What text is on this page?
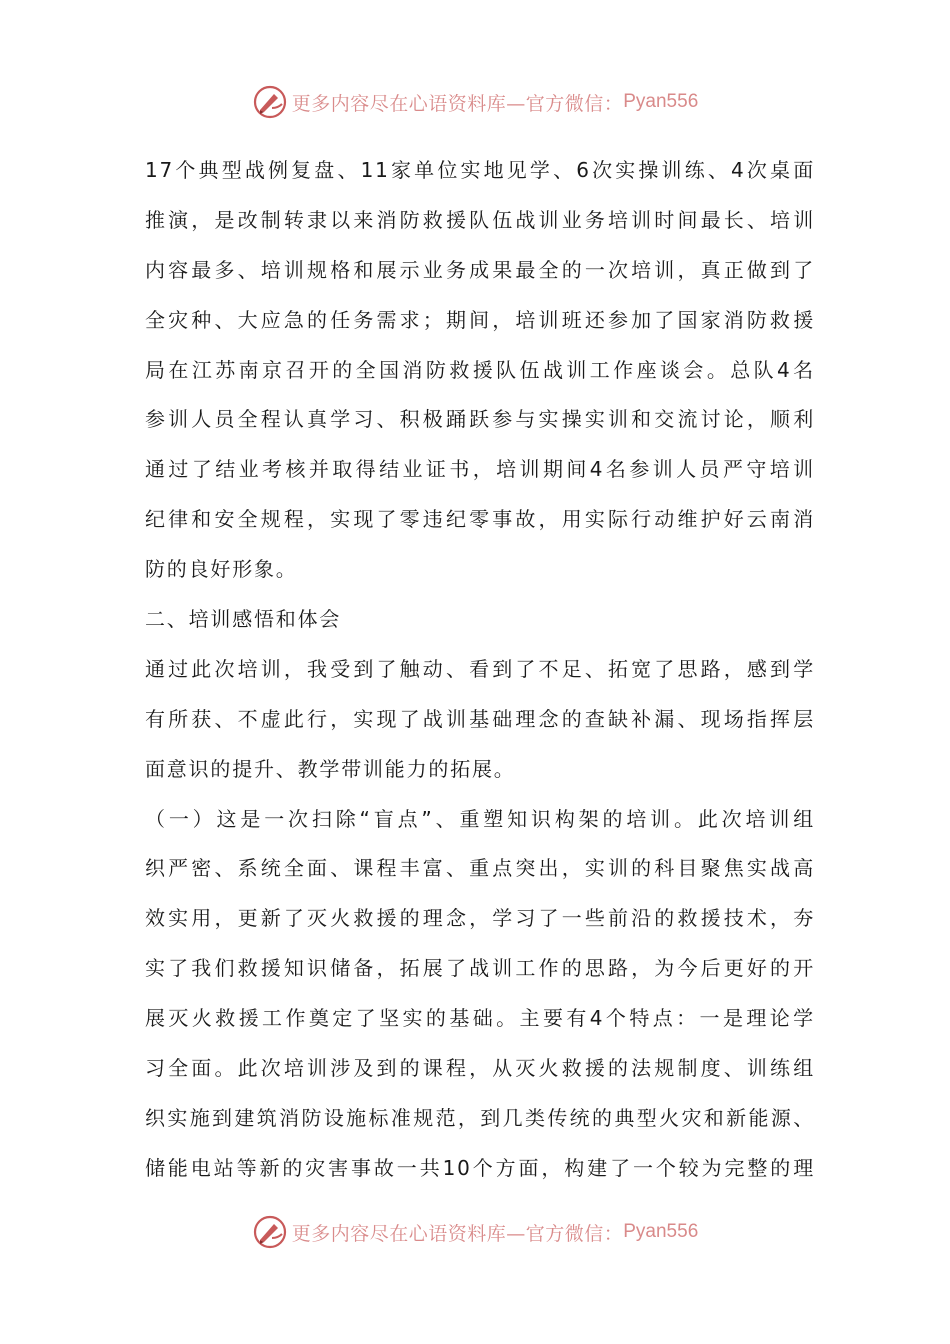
更多内容尽在心语资料库—官方微信： Pyan556
17个典型战例复盘、11家单位实地见学、6次实操训练、4次桌面
推演，是改制转隶以来消防救援队伍战训业务培训时间最长、培训
内容最多、培训规格和展示业务成果最全的一次培训，真正做到了
全灾种、大应急的任务需求；期间，培训班还参加了国家消防救援
局在江苏南京召开的全国消防救援队伍战训工作座谈会。总队4名
参训人员全程认真学习、积极踊跃参与实操实训和交流讨论，顺利
通过了结业考核并取得结业证书，培训期间4名参训人员严守培训
纪律和安全规程，实现了零违纪零事故，用实际行动维护好云南消
防的良好形象。
二、培训感悟和体会
通过此次培训，我受到了触动、看到了不足、拓宽了思路，感到学
有所获、不虚此行，实现了战训基础理念的查缺补漏、现场指挥层
面意识的提升、教学带训能力的拓展。
（一）这是一次扫除“盲点”、重塑知识构架的培训。此次培训组
织严密、系统全面、课程丰富、重点突出，实训的科目聚焦实战高
效实用，更新了灭火救援的理念，学习了一些前沿的救援技术，夯
实了我们救援知识储备，拓展了战训工作的思路，为今后更好的开
展灭火救援工作奠定了坚实的基础。主要有4个特点：一是理论学
习全面。此次培训涉及到的课程，从灭火救援的法规制度、训练组
织实施到建筑消防设施标准规范，到几类传统的典型火灾和新能源、
储能电站等新的灾害事故一共10个方面，构建了一个较为完整的理
更多内容尽在心语资料库—官方微信： Pyan556
